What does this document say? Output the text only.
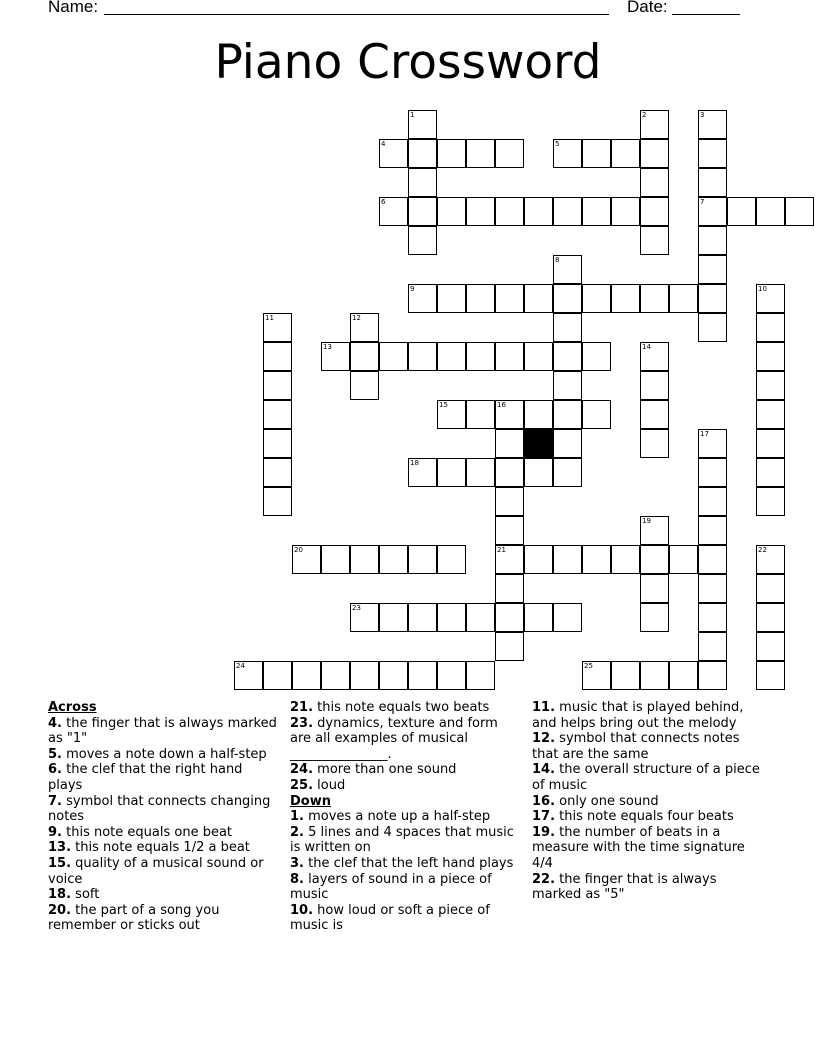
Name:	Date:
Piano Crossword
1	2	3
7
4	5
6
8
9	10
11	12
13	14
15	16
21
17
18
19
20	22
23
24	25
Across
4. the finger that is always marked as "1"
5. moves a note down a half-step
6. the clef that the right hand plays
7. symbol that connects changing notes
9. this note equals one beat
13. this note equals 1/2 a beat
15. quality of a musical sound or voice
18. soft
20. the part of a song you remember or sticks out
21. this note equals two beats
23. dynamics, texture and form are all examples of musical _______________.
24. more than one sound
25. loud
Down
1. moves a note up a half-step
2. 5 lines and 4 spaces that music is written on
3. the clef that the left hand plays
8. layers of sound in a piece of music
10. how loud or soft a piece of music is
11. music that is played behind, and helps bring out the melody
12. symbol that connects notes that are the same
14. the overall structure of a piece of music
16. only one sound
17. this note equals four beats
19. the number of beats in a measure with the time signature 4/4
22. the finger that is always marked as "5"
